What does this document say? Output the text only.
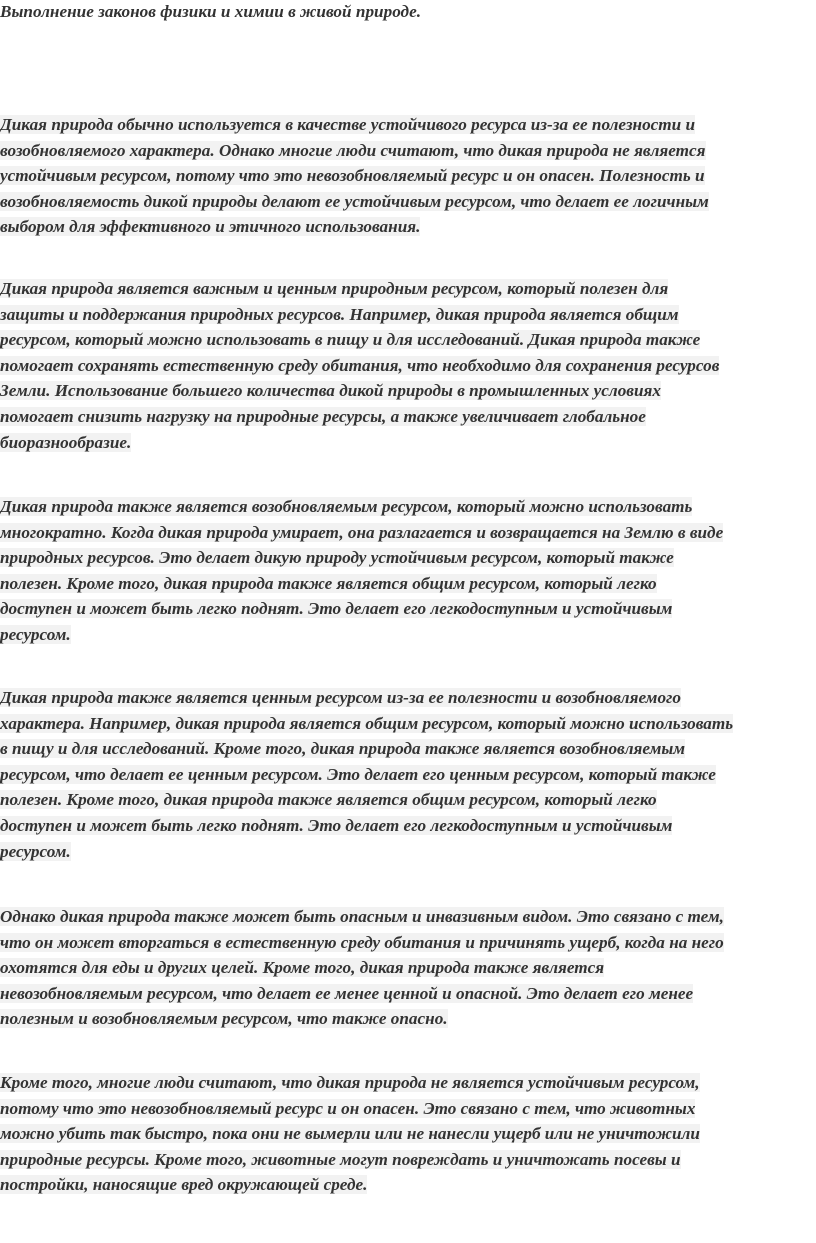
Выполнение законов физики и химии в живой природе.
Дикая природа обычно используется в качестве устойчивого ресурса из-за ее полезности и
возобновляемого характера. Однако многие люди считают, что дикая природа не является
устойчивым ресурсом, потому что это невозобновляемый ресурс и он опасен. Полезность и
возобновляемость дикой природы делают ее устойчивым ресурсом, что делает ее логичным
выбором для эффективного и этичного использования.
Дикая природа является важным и ценным природным ресурсом, который полезен для
защиты и поддержания природных ресурсов. Например, дикая природа является общим
ресурсом, который можно использовать в пищу и для исследований. Дикая природа также
помогает сохранять естественную среду обитания, что необходимо для сохранения ресурсов
Земли. Использование большего количества дикой природы в промышленных условиях
помогает снизить нагрузку на природные ресурсы, а также увеличивает глобальное
биоразнообразие.
Дикая природа также является возобновляемым ресурсом, который можно использовать
многократно. Когда дикая природа умирает, она разлагается и возвращается на Землю в виде
природных ресурсов. Это делает дикую природу устойчивым ресурсом, который также
полезен. Кроме того, дикая природа также является общим ресурсом, который легко
доступен и может быть легко поднят. Это делает его легкодоступным и устойчивым
ресурсом.
Дикая природа также является ценным ресурсом из-за ее полезности и возобновляемого
характера. Например, дикая природа является общим ресурсом, который можно использовать
в пищу и для исследований. Кроме того, дикая природа также является возобновляемым
ресурсом, что делает ее ценным ресурсом. Это делает его ценным ресурсом, который также
полезен. Кроме того, дикая природа также является общим ресурсом, который легко
доступен и может быть легко поднят. Это делает его легкодоступным и устойчивым
ресурсом.
Однако дикая природа также может быть опасным и инвазивным видом. Это связано с тем,
что он может вторгаться в естественную среду обитания и причинять ущерб, когда на него
охотятся для еды и других целей. Кроме того, дикая природа также является
невозобновляемым ресурсом, что делает ее менее ценной и опасной. Это делает его менее
полезным и возобновляемым ресурсом, что также опасно.
Кроме того, многие люди считают, что дикая природа не является устойчивым ресурсом,
потому что это невозобновляемый ресурс и он опасен. Это связано с тем, что животных
можно убить так быстро, пока они не вымерли или не нанесли ущерб или не уничтожили
природные ресурсы. Кроме того, животные могут повреждать и уничтожать посевы и
постройки, наносящие вред окружающей среде.
